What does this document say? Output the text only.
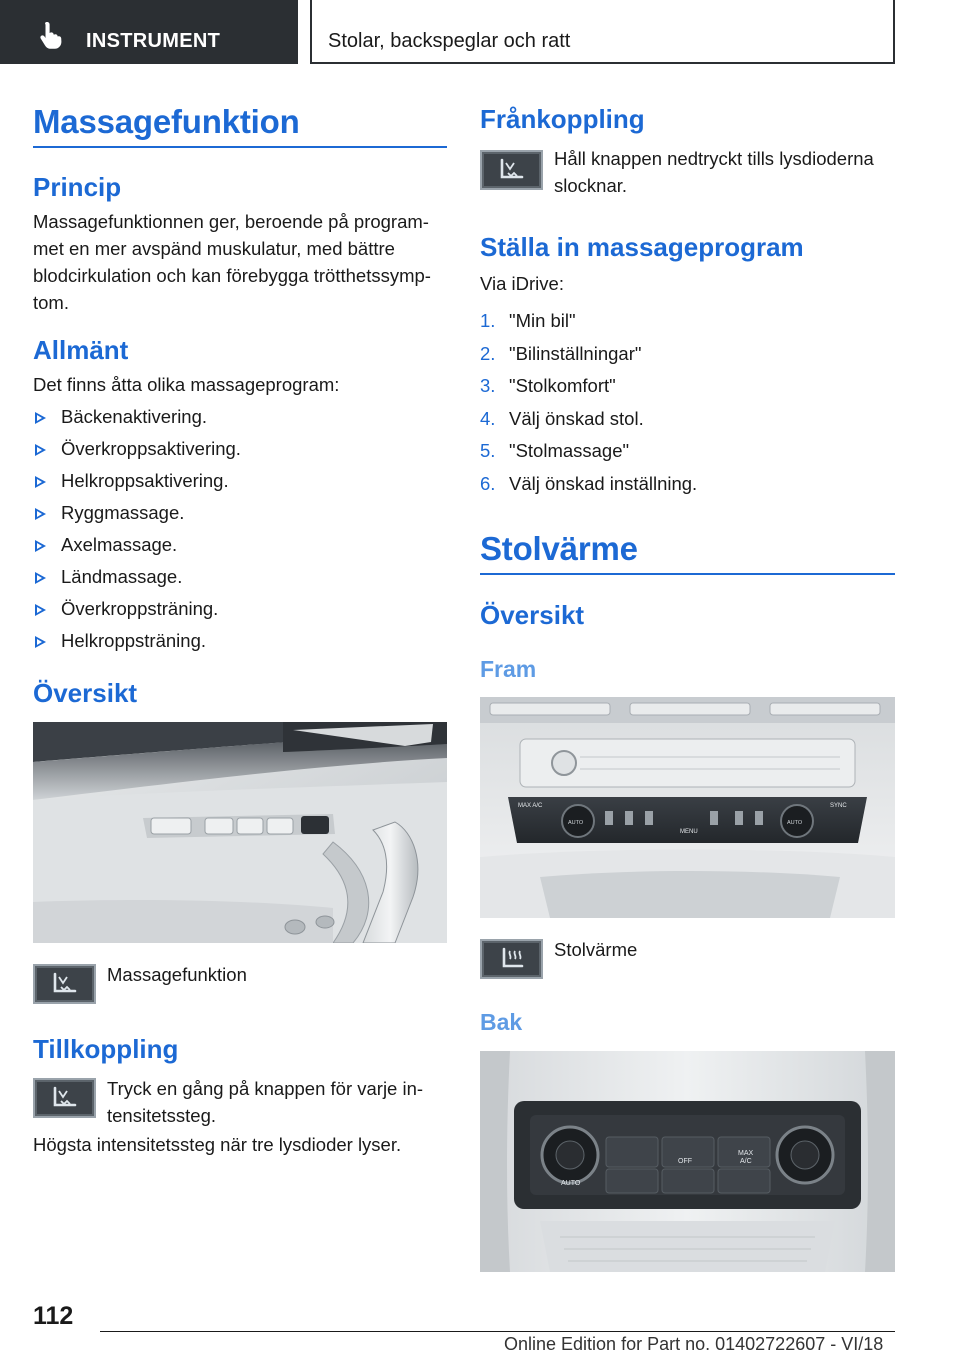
INSTRUMENT	Stolar, backspeglar och ratt
Massagefunktion
Princip
Massagefunktionnen ger, beroende på program‐
met en mer avspänd muskulatur, med bättre
blodcirkulation och kan förebygga trötthetssymp‐
tom.
Allmänt
Det finns åtta olika massageprogram:
Bäckenaktivering.
Överkroppsaktivering.
Helkroppsaktivering.
Ryggmassage.
Axelmassage.
Ländmassage.
Överkroppsträning.
Helkroppsträning.
Översikt
Massagefunktion
Tillkoppling
Tryck en gång på knappen för varje in‐
tensitetssteg.
Högsta intensitetssteg när tre lysdioder lyser.
Frånkoppling
Håll knappen nedtryckt tills lysdioderna
slocknar.
Ställa in massageprogram
Via iDrive:
1. "Min bil"
2. "Bilinställningar"
3. "Stolkomfort"
4. Välj önskad stol.
5. "Stolmassage"
6. Välj önskad inställning.
Stolvärme
Översikt
Fram
MAX A/C	SYNC
MENU
AUTO	AUTO
Stolvärme
Bak
AUTO
OFF
MAX
A/C
112
Online Edition for Part no. 01402722607 - VI/18
